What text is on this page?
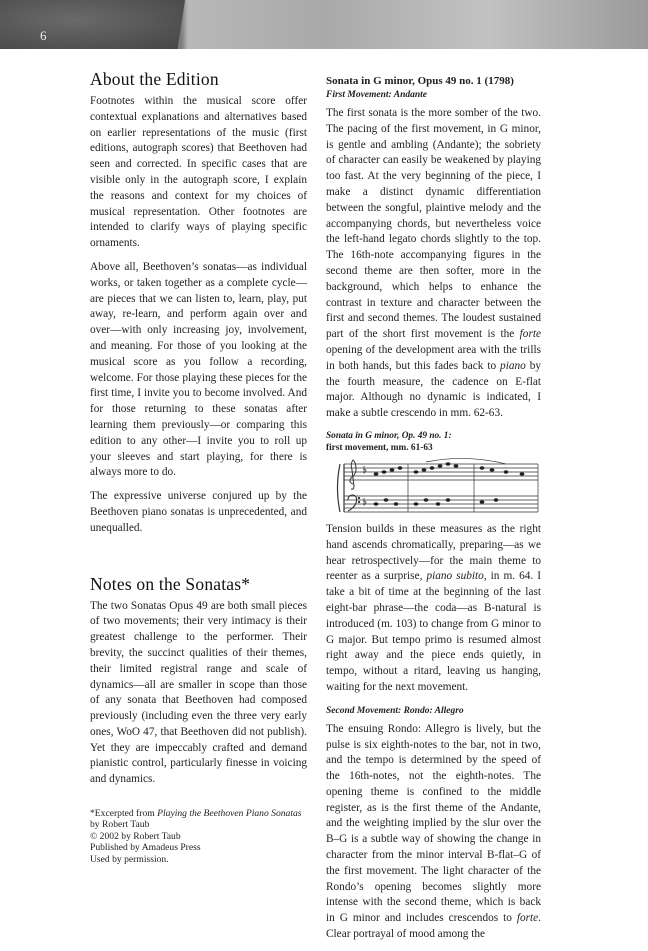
6
About the Edition

Footnotes within the musical score offer contextual explanations and alternatives based on earlier representations of the music (first editions, autograph scores) that Beethoven had seen and corrected. In specific cases that are visible only in the autograph score, I explain the reasons and context for my choices of musical representation. Other footnotes are intended to clarify ways of playing specific ornaments.

Above all, Beethoven’s sonatas—as individual works, or taken together as a complete cycle—are pieces that we can listen to, learn, play, put away, re-learn, and perform again over and over—with only increasing joy, involvement, and meaning. For those of you looking at the musical score as you follow a recording, welcome. For those playing these pieces for the first time, I invite you to become involved. And for those returning to these sonatas after learning them previously—or comparing this edition to any other—I invite you to roll up your sleeves and start playing, for there is always more to do.

The expressive universe conjured up by the Beethoven piano sonatas is unprecedented, and unequalled.

Notes on the Sonatas*

The two Sonatas Opus 49 are both small pieces of two movements; their very intimacy is their greatest challenge to the performer. Their brevity, the succinct qualities of their themes, their limited registral range and scale of dynamics—all are smaller in scope than those of any sonata that Beethoven had composed previously (including even the three very early ones, WoO 47, that Beethoven did not publish). Yet they are impeccably crafted and demand pianistic control, particularly finesse in voicing and dynamics.

*Excerpted from Playing the Beethoven Piano Sonatas
by Robert Taub
© 2002 by Robert Taub
Published by Amadeus Press
Used by permission.
Sonata in G minor, Opus 49 no. 1 (1798)
First Movement: Andante

The first sonata is the more somber of the two. The pacing of the first movement, in G minor, is gentle and ambling (Andante); the sobriety of character can easily be weakened by playing too fast. At the very beginning of the piece, I make a distinct dynamic differentiation between the songful, plaintive melody and the accompanying chords, but nevertheless voice the left-hand legato chords slightly to the top. The 16th-note accompanying figures in the second theme are then softer, more in the background, which helps to enhance the contrast in texture and character between the first and second themes. The loudest sustained part of the short first movement is the forte opening of the development area with the trills in both hands, but this fades back to piano by the fourth measure, the cadence on E-flat major. Although no dynamic is indicated, I make a subtle crescendo in mm. 62-63.

Sonata in G minor, Op. 49 no. 1:
first movement, mm. 61-63

Tension builds in these measures as the right hand ascends chromatically, preparing—as we hear retrospectively—for the main theme to reenter as a surprise, piano subito, in m. 64. I take a bit of time at the beginning of the last eight-bar phrase—the coda—as B-natural is introduced (m. 103) to change from G minor to G major. But tempo primo is resumed almost right away and the piece ends quietly, in tempo, without a ritard, leaving us hanging, waiting for the next movement.

Second Movement: Rondo: Allegro

The ensuing Rondo: Allegro is lively, but the pulse is six eighth-notes to the bar, not in two, and the tempo is determined by the speed of the 16th-notes, not the eighth-notes. The opening theme is confined to the middle register, as is the first theme of the Andante, and the weighting implied by the slur over the B–G is a subtle way of showing the change in character from the minor interval B-flat–G of the first movement. The light character of the Rondo’s opening becomes slightly more intense with the second theme, which is back in G minor and includes crescendos to forte. Clear portrayal of mood among the
